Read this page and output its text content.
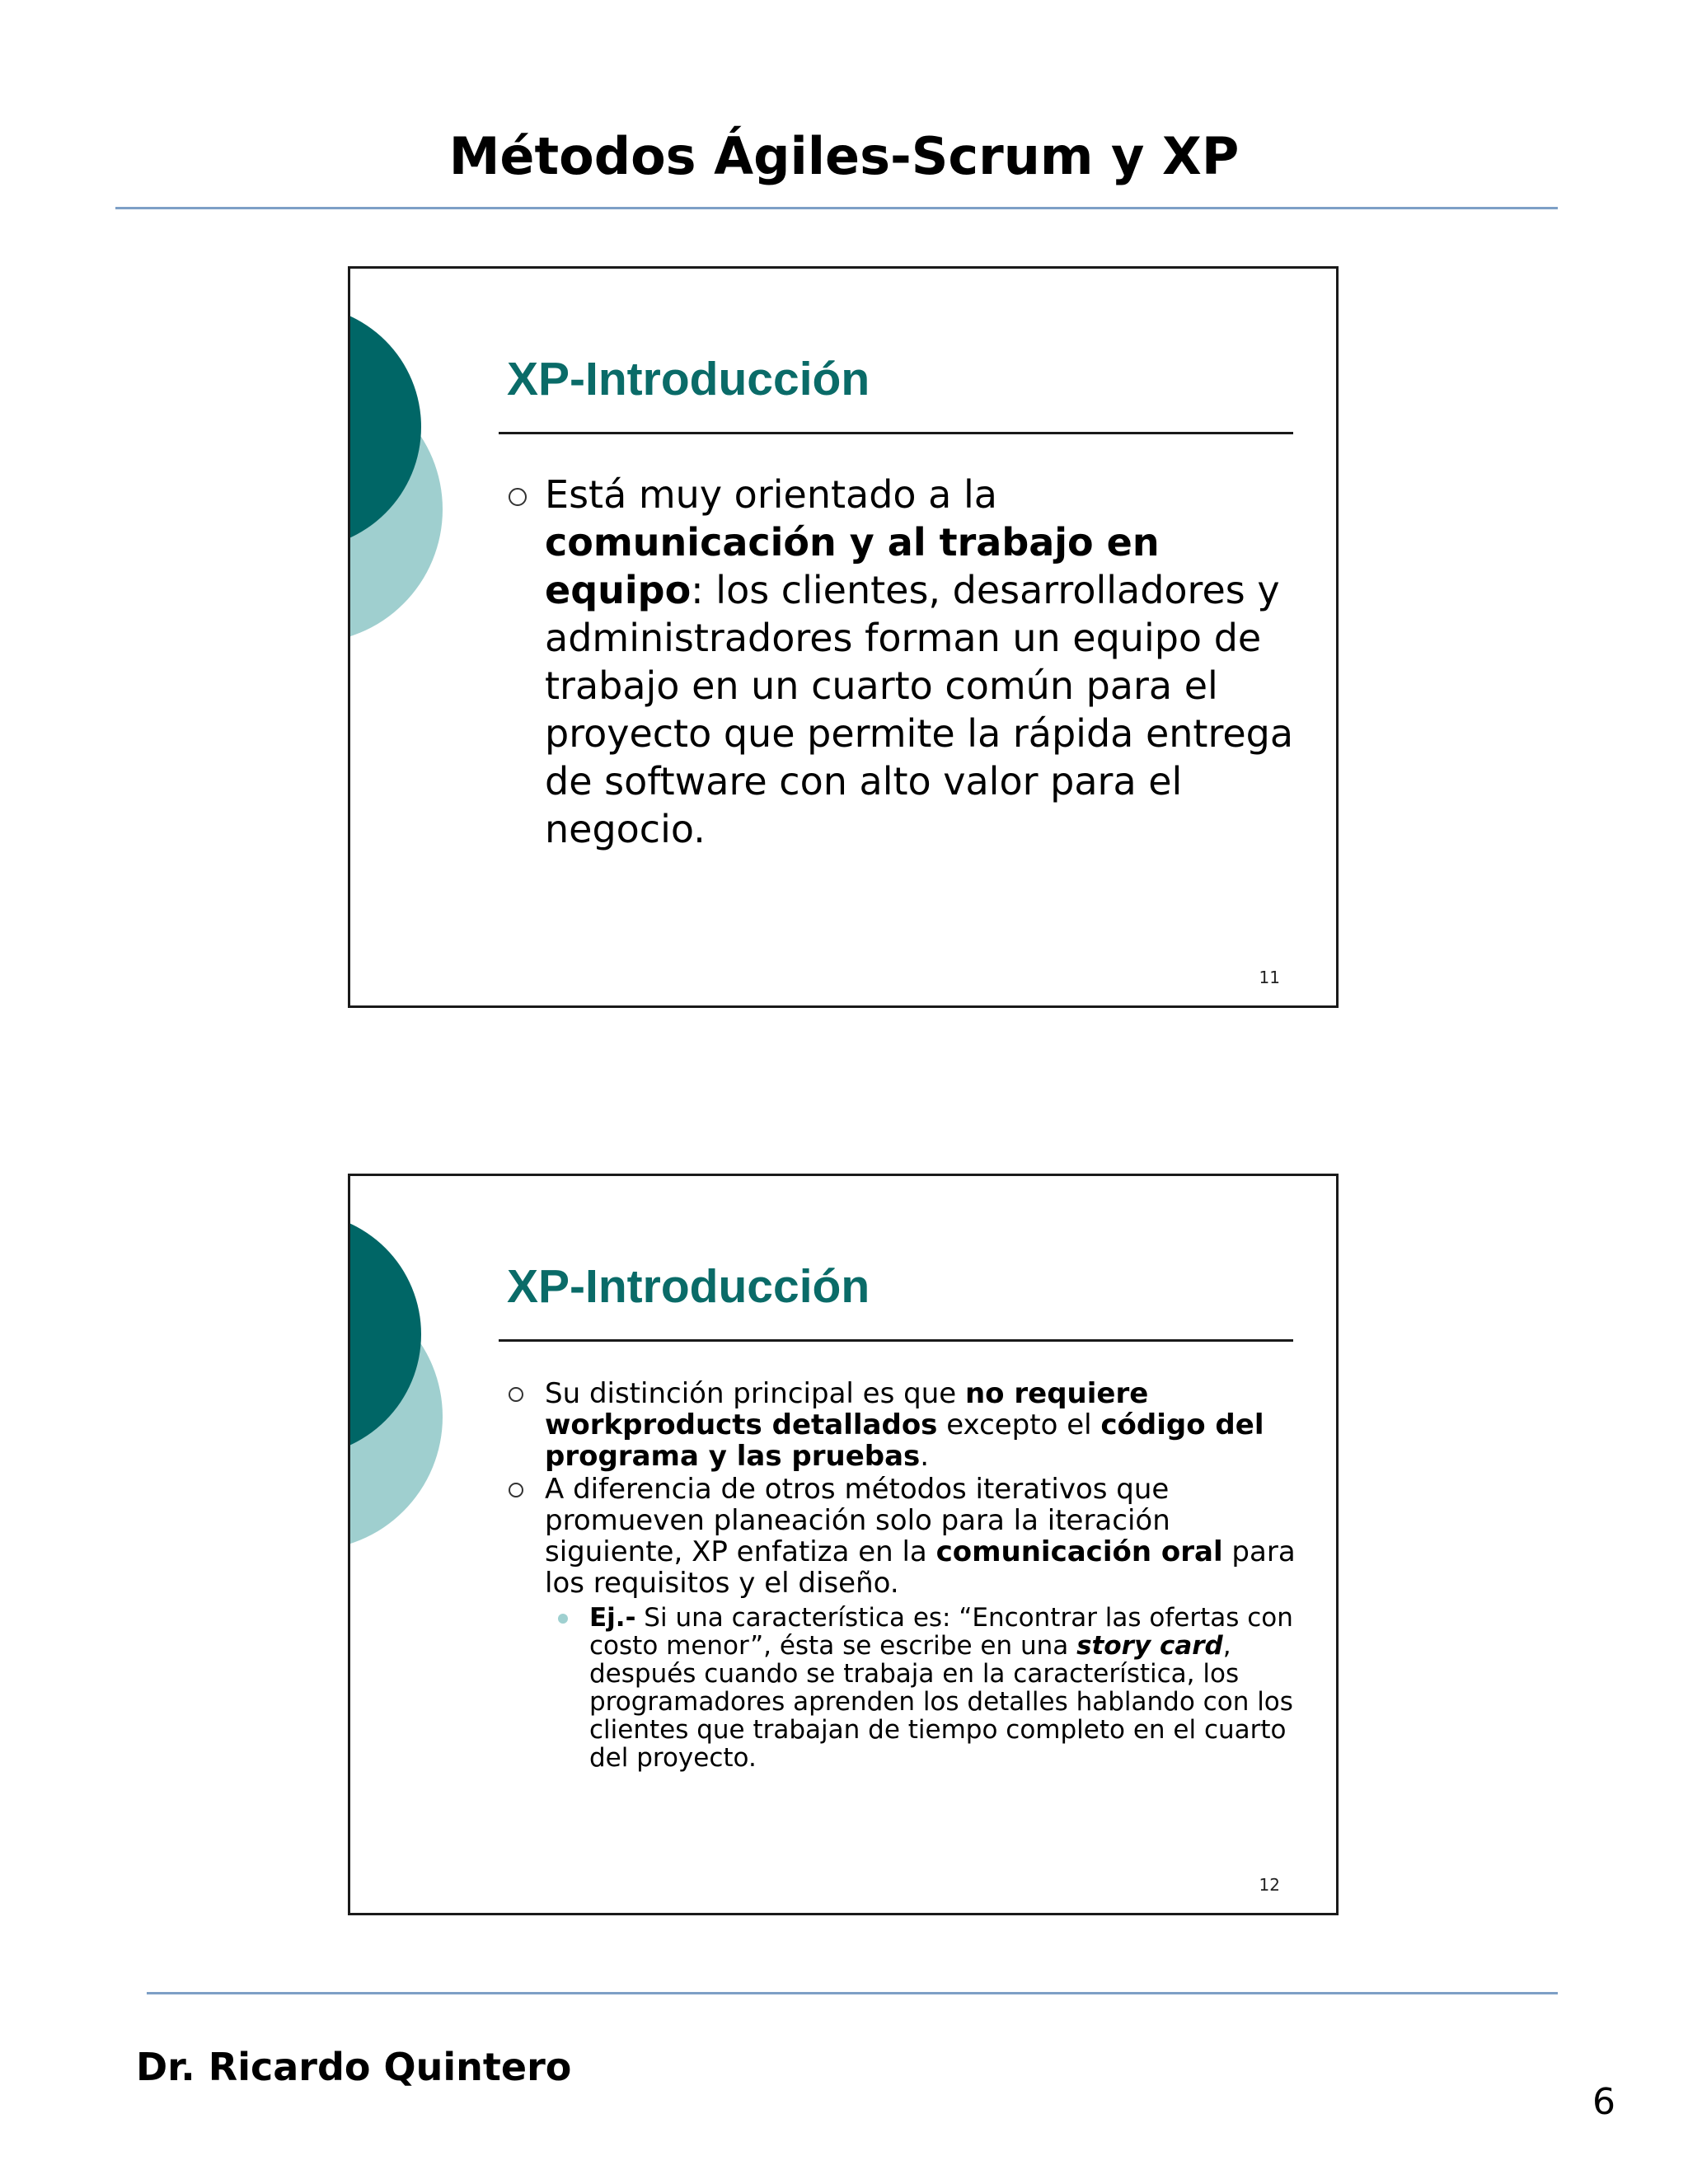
Métodos Ágiles-Scrum y XP
XP-Introducción
Está muy orientado a la comunicación y al trabajo en equipo: los clientes, desarrolladores y administradores forman un equipo de trabajo en un cuarto común para el proyecto que permite la rápida entrega de software con alto valor para el negocio.
11
XP-Introducción
Su distinción principal es que no requiere workproducts detallados excepto el código del programa y las pruebas.
A diferencia de otros métodos iterativos que promueven planeación solo para la iteración siguiente, XP enfatiza en la comunicación oral para los requisitos y el diseño.
Ej.- Si una característica es: “Encontrar las ofertas con costo menor”, ésta se escribe en una story card, después cuando se trabaja en la característica, los programadores aprenden los detalles hablando con los clientes que trabajan de tiempo completo en el cuarto del proyecto.
12
Dr. Ricardo Quintero
6
